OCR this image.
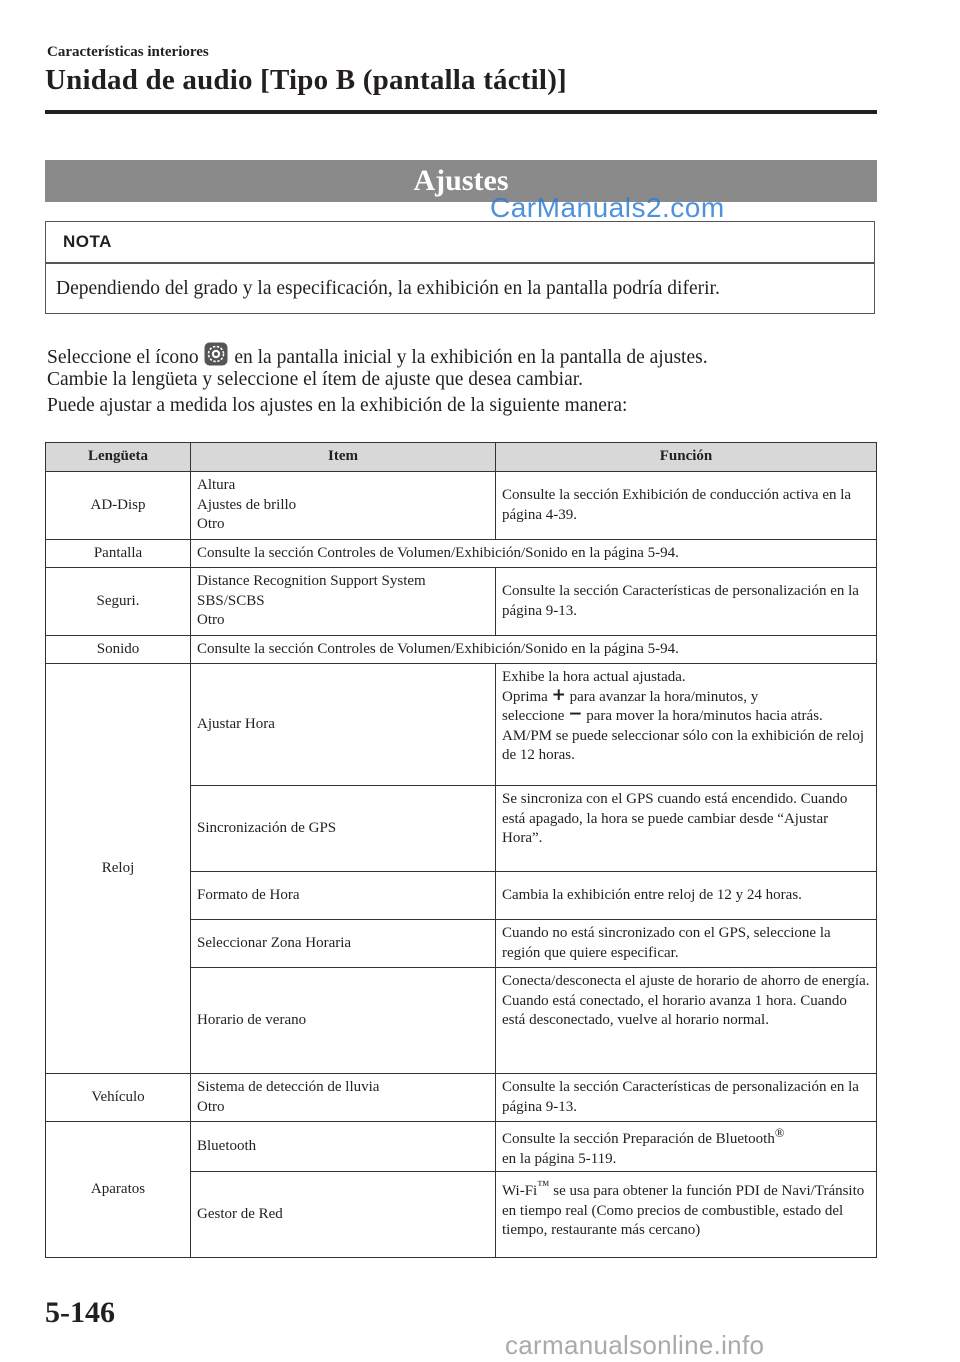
Características interiores
Unidad de audio [Tipo B (pantalla táctil)]
Ajustes
CarManuals2.com
NOTA
Dependiendo del grado y la especificación, la exhibición en la pantalla podría diferir.
Seleccione el ícono en la pantalla inicial y la exhibición en la pantalla de ajustes.
Cambie la lengüeta y seleccione el ítem de ajuste que desea cambiar.
Puede ajustar a medida los ajustes en la exhibición de la siguiente manera:
Lengüeta	Item	Función
AD-Disp	Altura
Ajustes de brillo
Otro	Consulte la sección Exhibición de conducción activa en la página 4-39.
Pantalla	Consulte la sección Controles de Volumen/Exhibición/Sonido en la página 5-94.	
Seguri.	Distance Recognition Support System
SBS/SCBS
Otro	Consulte la sección Características de personalización en la página 9-13.
Sonido	Consulte la sección Controles de Volumen/Exhibición/Sonido en la página 5-94.	
Reloj	Ajustar Hora	Exhibe la hora actual ajustada.
Oprima + para avanzar la hora/minutos, y
seleccione − para mover la hora/minutos hacia atrás.
AM/PM se puede seleccionar sólo con la exhibición de reloj de 12 horas.
	Sincronización de GPS	Se sincroniza con el GPS cuando está encendido. Cuando está apagado, la hora se puede cambiar desde “Ajustar Hora”.
	Formato de Hora	Cambia la exhibición entre reloj de 12 y 24 horas.
	Seleccionar Zona Horaria	Cuando no está sincronizado con el GPS, seleccione la región que quiere especificar.
	Horario de verano	Conecta/desconecta el ajuste de horario de ahorro de energía. Cuando está conectado, el horario avanza 1 hora. Cuando está desconectado, vuelve al horario normal.
Vehículo	Sistema de detección de lluvia
Otro	Consulte la sección Características de personalización en la página 9-13.
Aparatos	Bluetooth	Consulte la sección Preparación de Bluetooth®
en la página 5-119.
	Gestor de Red	Wi-Fi™ se usa para obtener la función PDI de Navi/Tránsito en tiempo real (Como precios de combustible, estado del tiempo, restaurante más cercano)
5-146
carmanualsonline.info
